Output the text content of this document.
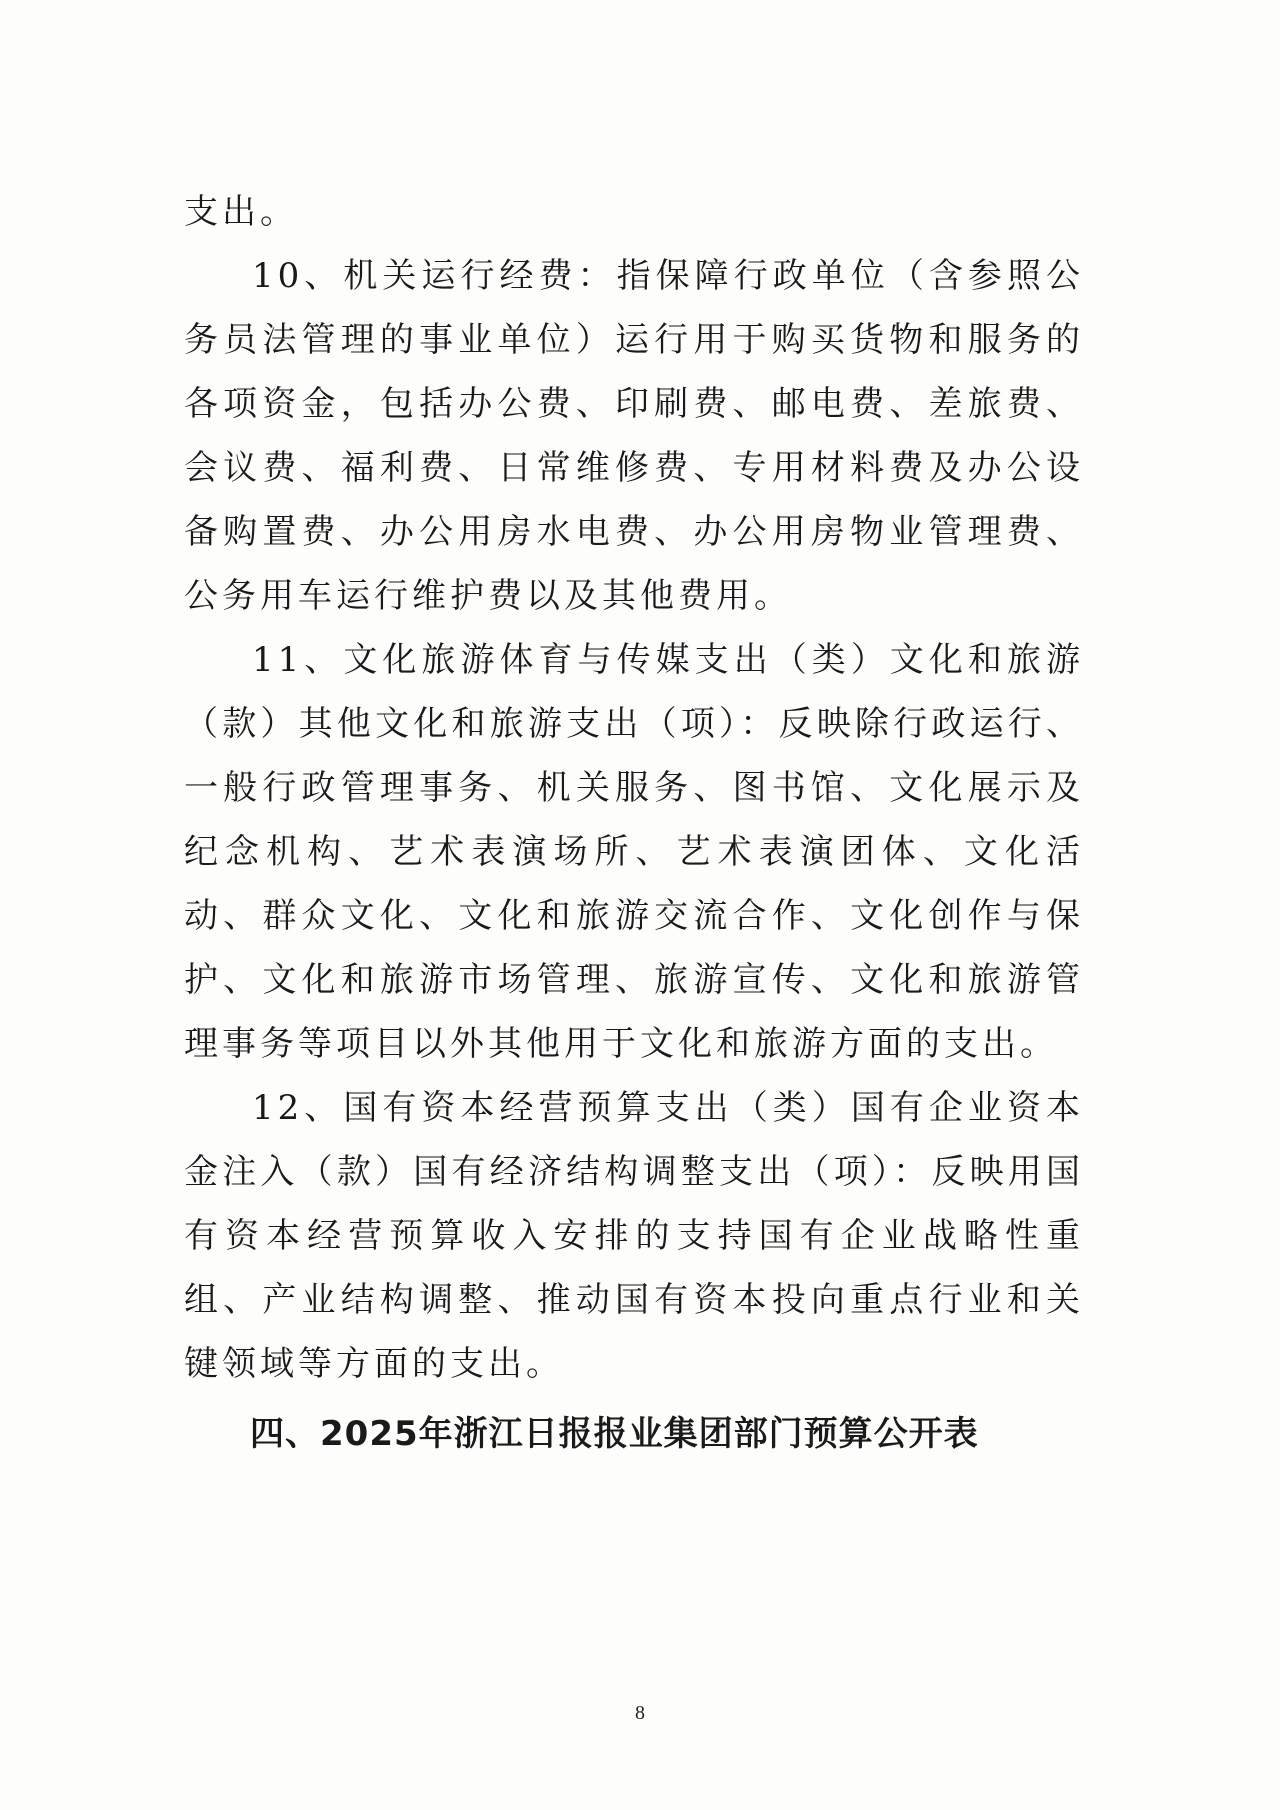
支出。

10、机关运行经费：指保障行政单位（含参照公务员法管理的事业单位）运行用于购买货物和服务的各项资金，包括办公费、印刷费、邮电费、差旅费、会议费、福利费、日常维修费、专用材料费及办公设备购置费、办公用房水电费、办公用房物业管理费、公务用车运行维护费以及其他费用。

11、文化旅游体育与传媒支出（类）文化和旅游（款）其他文化和旅游支出（项）：反映除行政运行、一般行政管理事务、机关服务、图书馆、文化展示及纪念机构、艺术表演场所、艺术表演团体、文化活动、群众文化、文化和旅游交流合作、文化创作与保护、文化和旅游市场管理、旅游宣传、文化和旅游管理事务等项目以外其他用于文化和旅游方面的支出。

12、国有资本经营预算支出（类）国有企业资本金注入（款）国有经济结构调整支出（项）：反映用国有资本经营预算收入安排的支持国有企业战略性重组、产业结构调整、推动国有资本投向重点行业和关键领域等方面的支出。

四、2025年浙江日报报业集团部门预算公开表

8
